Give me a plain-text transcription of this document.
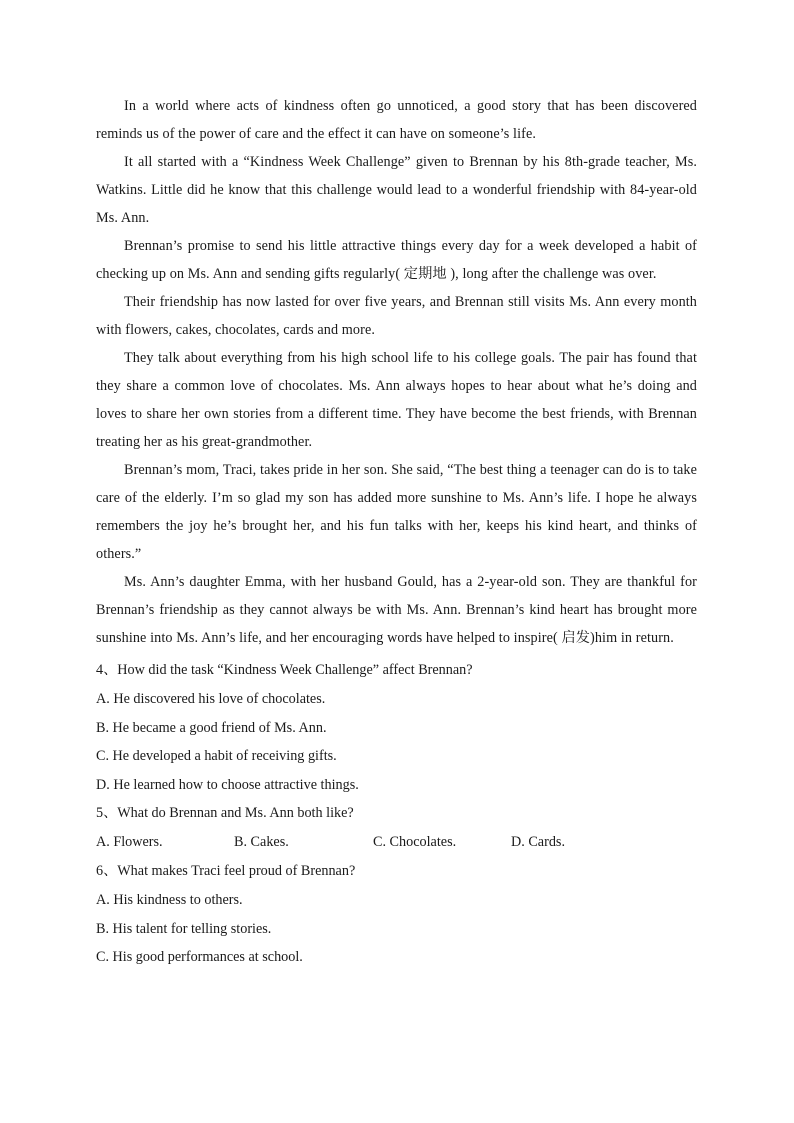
In a world where acts of kindness often go unnoticed, a good story that has been discovered reminds us of the power of care and the effect it can have on someone’s life.

It all started with a “Kindness Week Challenge” given to Brennan by his 8th-grade teacher, Ms. Watkins. Little did he know that this challenge would lead to a wonderful friendship with 84-year-old Ms. Ann.

Brennan’s promise to send his little attractive things every day for a week developed a habit of checking up on Ms. Ann and sending gifts regularly( 定期地 ), long after the challenge was over.

Their friendship has now lasted for over five years, and Brennan still visits Ms. Ann every month with flowers, cakes, chocolates, cards and more.

They talk about everything from his high school life to his college goals. The pair has found that they share a common love of chocolates. Ms. Ann always hopes to hear about what he’s doing and loves to share her own stories from a different time. They have become the best friends, with Brennan treating her as his great-grandmother.

Brennan’s mom, Traci, takes pride in her son. She said, “The best thing a teenager can do is to take care of the elderly. I’m so glad my son has added more sunshine to Ms. Ann’s life. I hope he always remembers the joy he’s brought her, and his fun talks with her, keeps his kind heart, and thinks of others.”

Ms. Ann’s daughter Emma, with her husband Gould, has a 2-year-old son. They are thankful for Brennan’s friendship as they cannot always be with Ms. Ann. Brennan’s kind heart has brought more sunshine into Ms. Ann’s life, and her encouraging words have helped to inspire( 启发)him in return.

4、How did the task “Kindness Week Challenge” affect Brennan?

A. He discovered his love of chocolates.

B. He became a good friend of Ms. Ann.

C. He developed a habit of receiving gifts.

D. He learned how to choose attractive things.

5、What do Brennan and Ms. Ann both like?

A. Flowers.	B. Cakes.	C. Chocolates.	D. Cards.

6、What makes Traci feel proud of Brennan?

A. His kindness to others.

B. His talent for telling stories.

C. His good performances at school.
